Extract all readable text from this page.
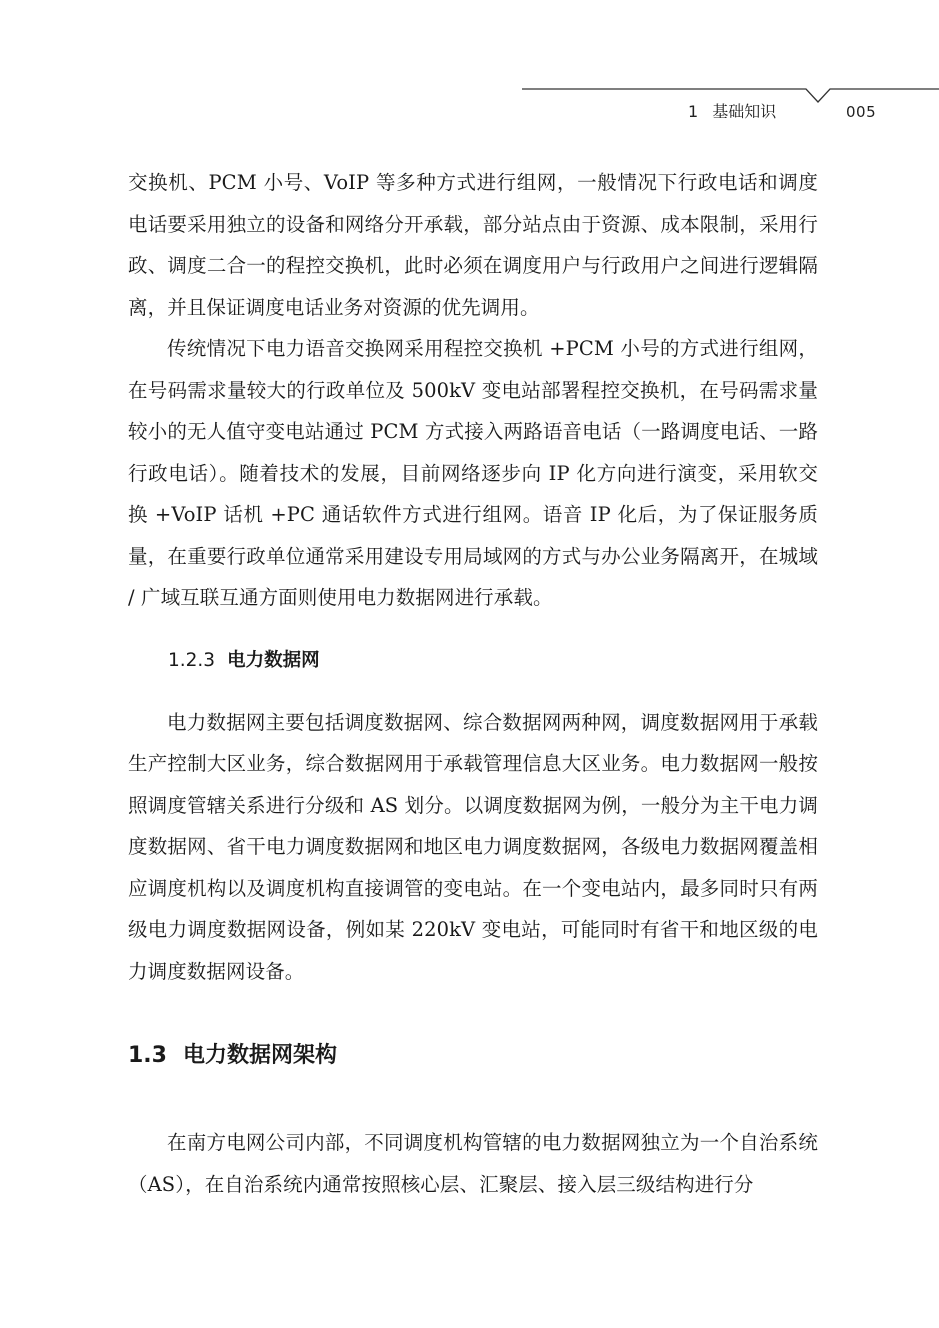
1 基础知识	005

交换机、PCM 小号、VoIP 等多种方式进行组网，一般情况下行政电话和调度电话要采用独立的设备和网络分开承载，部分站点由于资源、成本限制，采用行政、调度二合一的程控交换机，此时必须在调度用户与行政用户之间进行逻辑隔离，并且保证调度电话业务对资源的优先调用。

传统情况下电力语音交换网采用程控交换机 +PCM 小号的方式进行组网，在号码需求量较大的行政单位及 500kV 变电站部署程控交换机，在号码需求量较小的无人值守变电站通过 PCM 方式接入两路语音电话（一路调度电话、一路行政电话）。随着技术的发展，目前网络逐步向 IP 化方向进行演变，采用软交换 +VoIP 话机 +PC 通话软件方式进行组网。语音 IP 化后，为了保证服务质量，在重要行政单位通常采用建设专用局域网的方式与办公业务隔离开，在城域 / 广域互联互通方面则使用电力数据网进行承载。

1.2.3 电力数据网

电力数据网主要包括调度数据网、综合数据网两种网，调度数据网用于承载生产控制大区业务，综合数据网用于承载管理信息大区业务。电力数据网一般按照调度管辖关系进行分级和 AS 划分。以调度数据网为例，一般分为主干电力调度数据网、省干电力调度数据网和地区电力调度数据网，各级电力数据网覆盖相应调度机构以及调度机构直接调管的变电站。在一个变电站内，最多同时只有两级电力调度数据网设备，例如某 220kV 变电站，可能同时有省干和地区级的电力调度数据网设备。

1.3 电力数据网架构

在南方电网公司内部，不同调度机构管辖的电力数据网独立为一个自治系统（AS），在自治系统内通常按照核心层、汇聚层、接入层三级结构进行分
